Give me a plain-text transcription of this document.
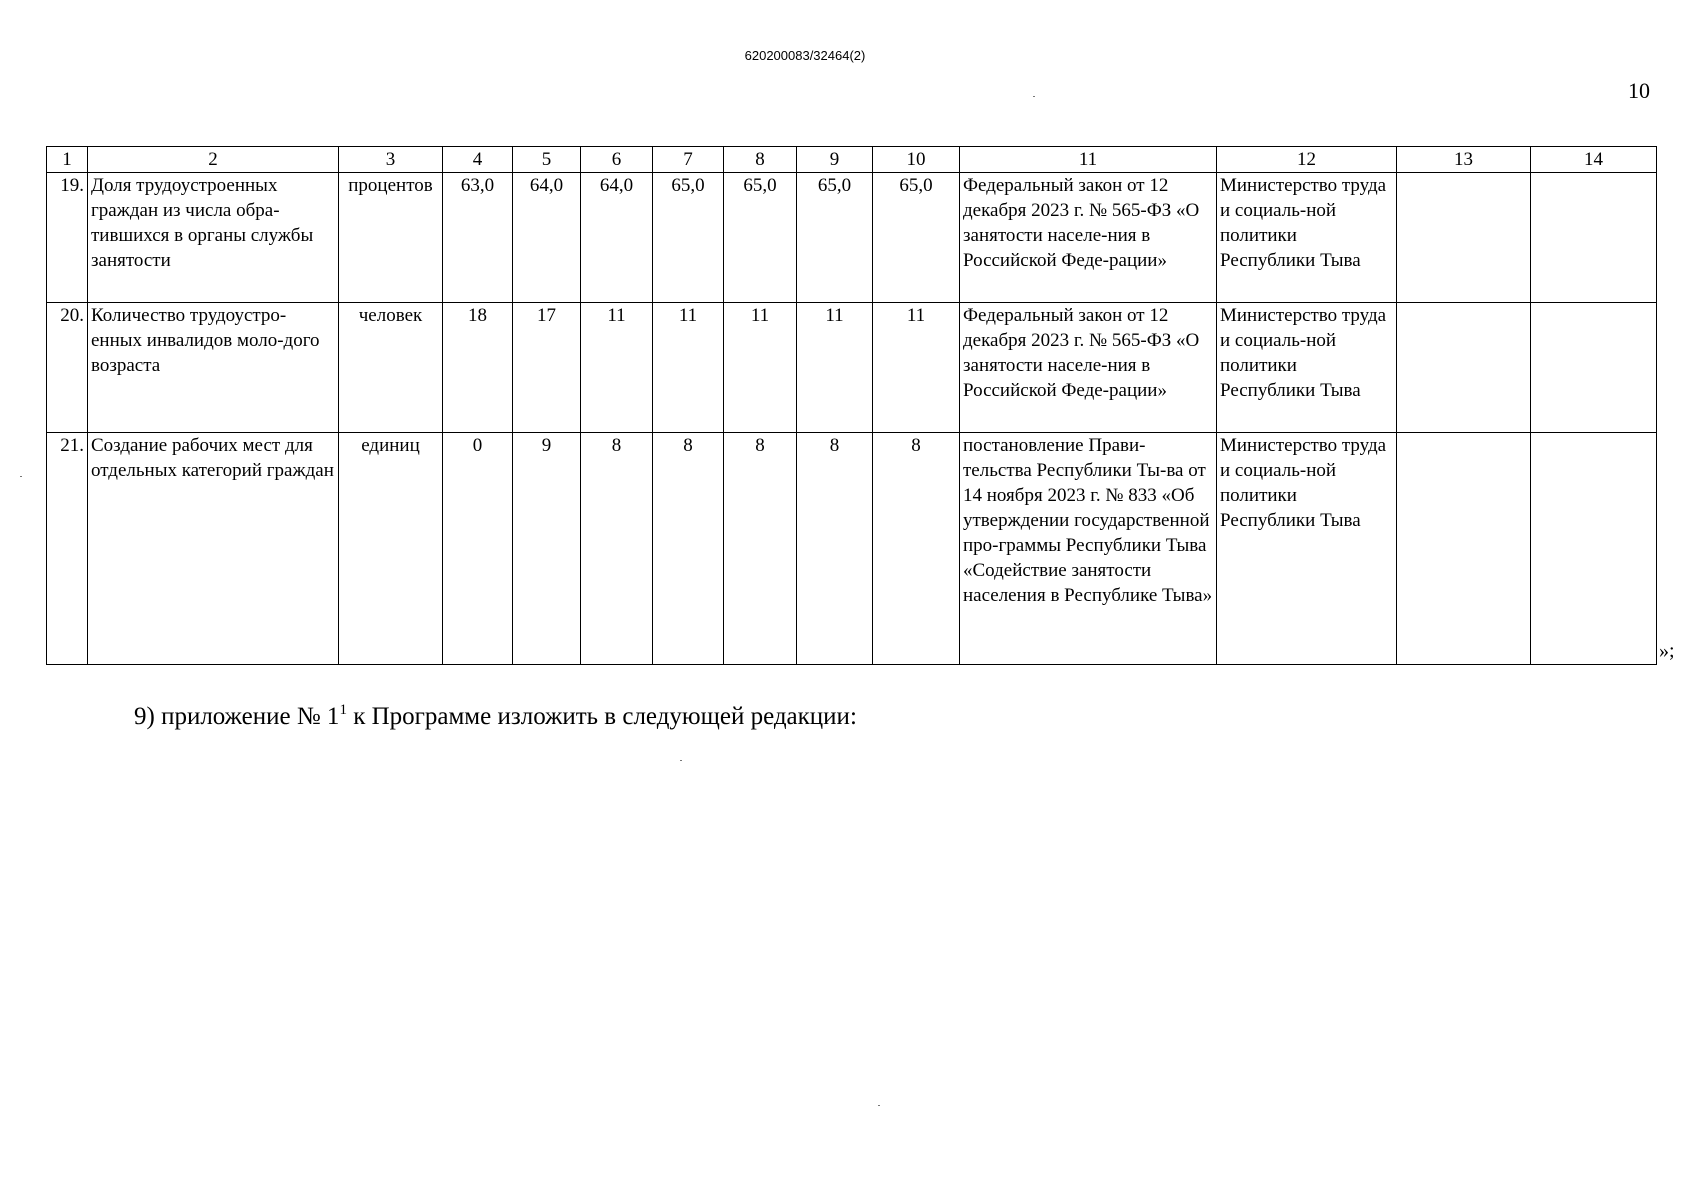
620200083/32464(2)
10
1	2	3	4	5	6	7	8	9	10	11	12	13	14
19.	Доля трудоустроенных граждан из числа обра-тившихся в органы службы занятости	процентов	63,0	64,0	64,0	65,0	65,0	65,0	65,0	Федеральный закон от 12 декабря 2023 г. № 565-ФЗ «О занятости населе-ния в Российской Феде-рации»	Министерство труда и социаль-ной политики Республики Тыва		
20.	Количество трудоустро-енных инвалидов моло-дого возраста	человек	18	17	11	11	11	11	11	Федеральный закон от 12 декабря 2023 г. № 565-ФЗ «О занятости населе-ния в Российской Феде-рации»	Министерство труда и социаль-ной политики Республики Тыва		
21.	Создание рабочих мест для отдельных категорий граждан	единиц	0	9	8	8	8	8	8	постановление Прави-тельства Республики Ты-ва от 14 ноября 2023 г. № 833 «Об утверждении государственной про-граммы Республики Тыва «Содействие занятости населения в Республике Тыва»	Министерство труда и социаль-ной политики Республики Тыва		
»;
9) приложение № $1^1$ к Программе изложить в следующей редакции:
